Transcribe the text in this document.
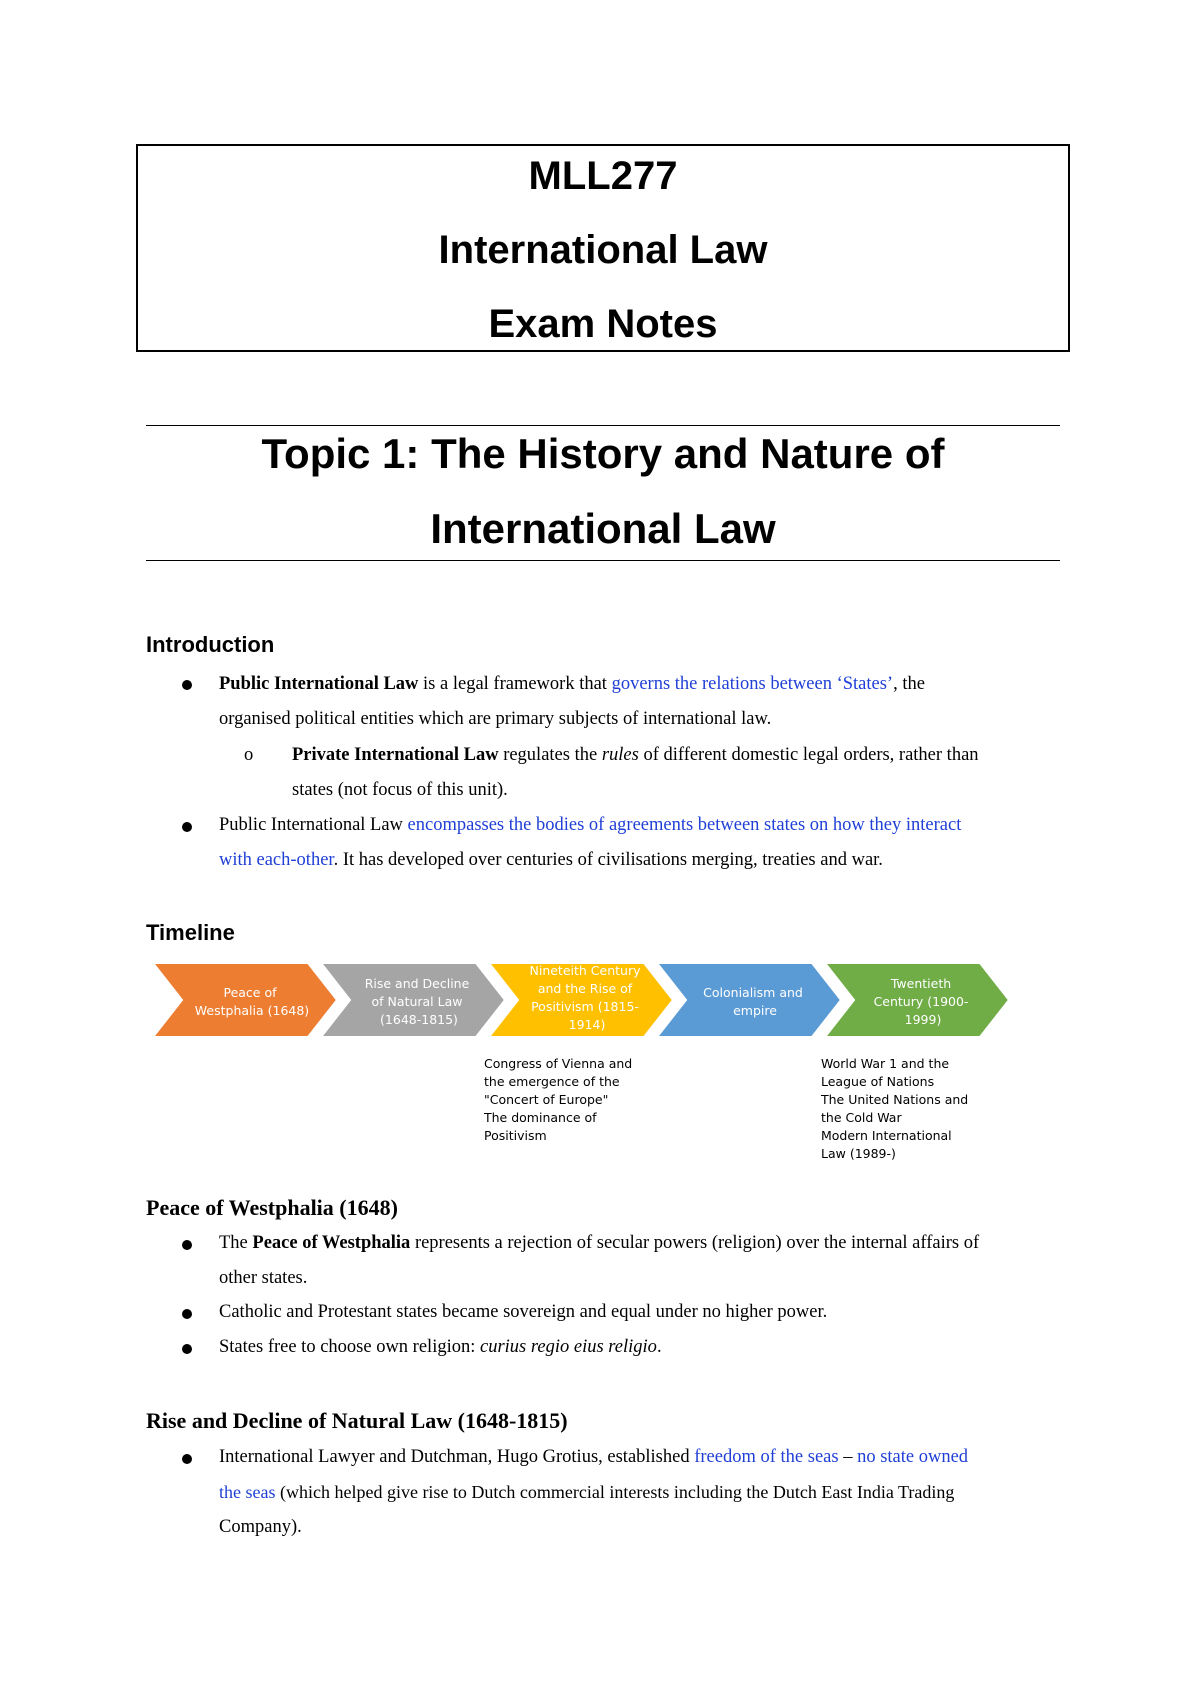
MLL277
International Law
Exam Notes
Topic 1: The History and Nature of
International Law
Introduction
Public International Law is a legal framework that governs the relations between ‘States’, the
organised political entities which are primary subjects of international law.
o Private International Law regulates the rules of different domestic legal orders, rather than
states (not focus of this unit).
Public International Law encompasses the bodies of agreements between states on how they interact
with each-other. It has developed over centuries of civilisations merging, treaties and war.
Timeline
Peace of Westphalia (1648)
Rise and Decline of Natural Law (1648-1815)
Nineteith Century and the Rise of Positivism (1815- 1914)
Colonialism and empire
Twentieth Century (1900- 1999)
Congress of Vienna and
the emergence of the
"Concert of Europe"
The dominance of
Positivism
World War 1 and the
League of Nations
The United Nations and
the Cold War
Modern International
Law (1989-)
Peace of Westphalia (1648)
The Peace of Westphalia represents a rejection of secular powers (religion) over the internal affairs of
other states.
Catholic and Protestant states became sovereign and equal under no higher power.
States free to choose own religion: curius regio eius religio.
Rise and Decline of Natural Law (1648-1815)
International Lawyer and Dutchman, Hugo Grotius, established freedom of the seas – no state owned
the seas (which helped give rise to Dutch commercial interests including the Dutch East India Trading
Company).
